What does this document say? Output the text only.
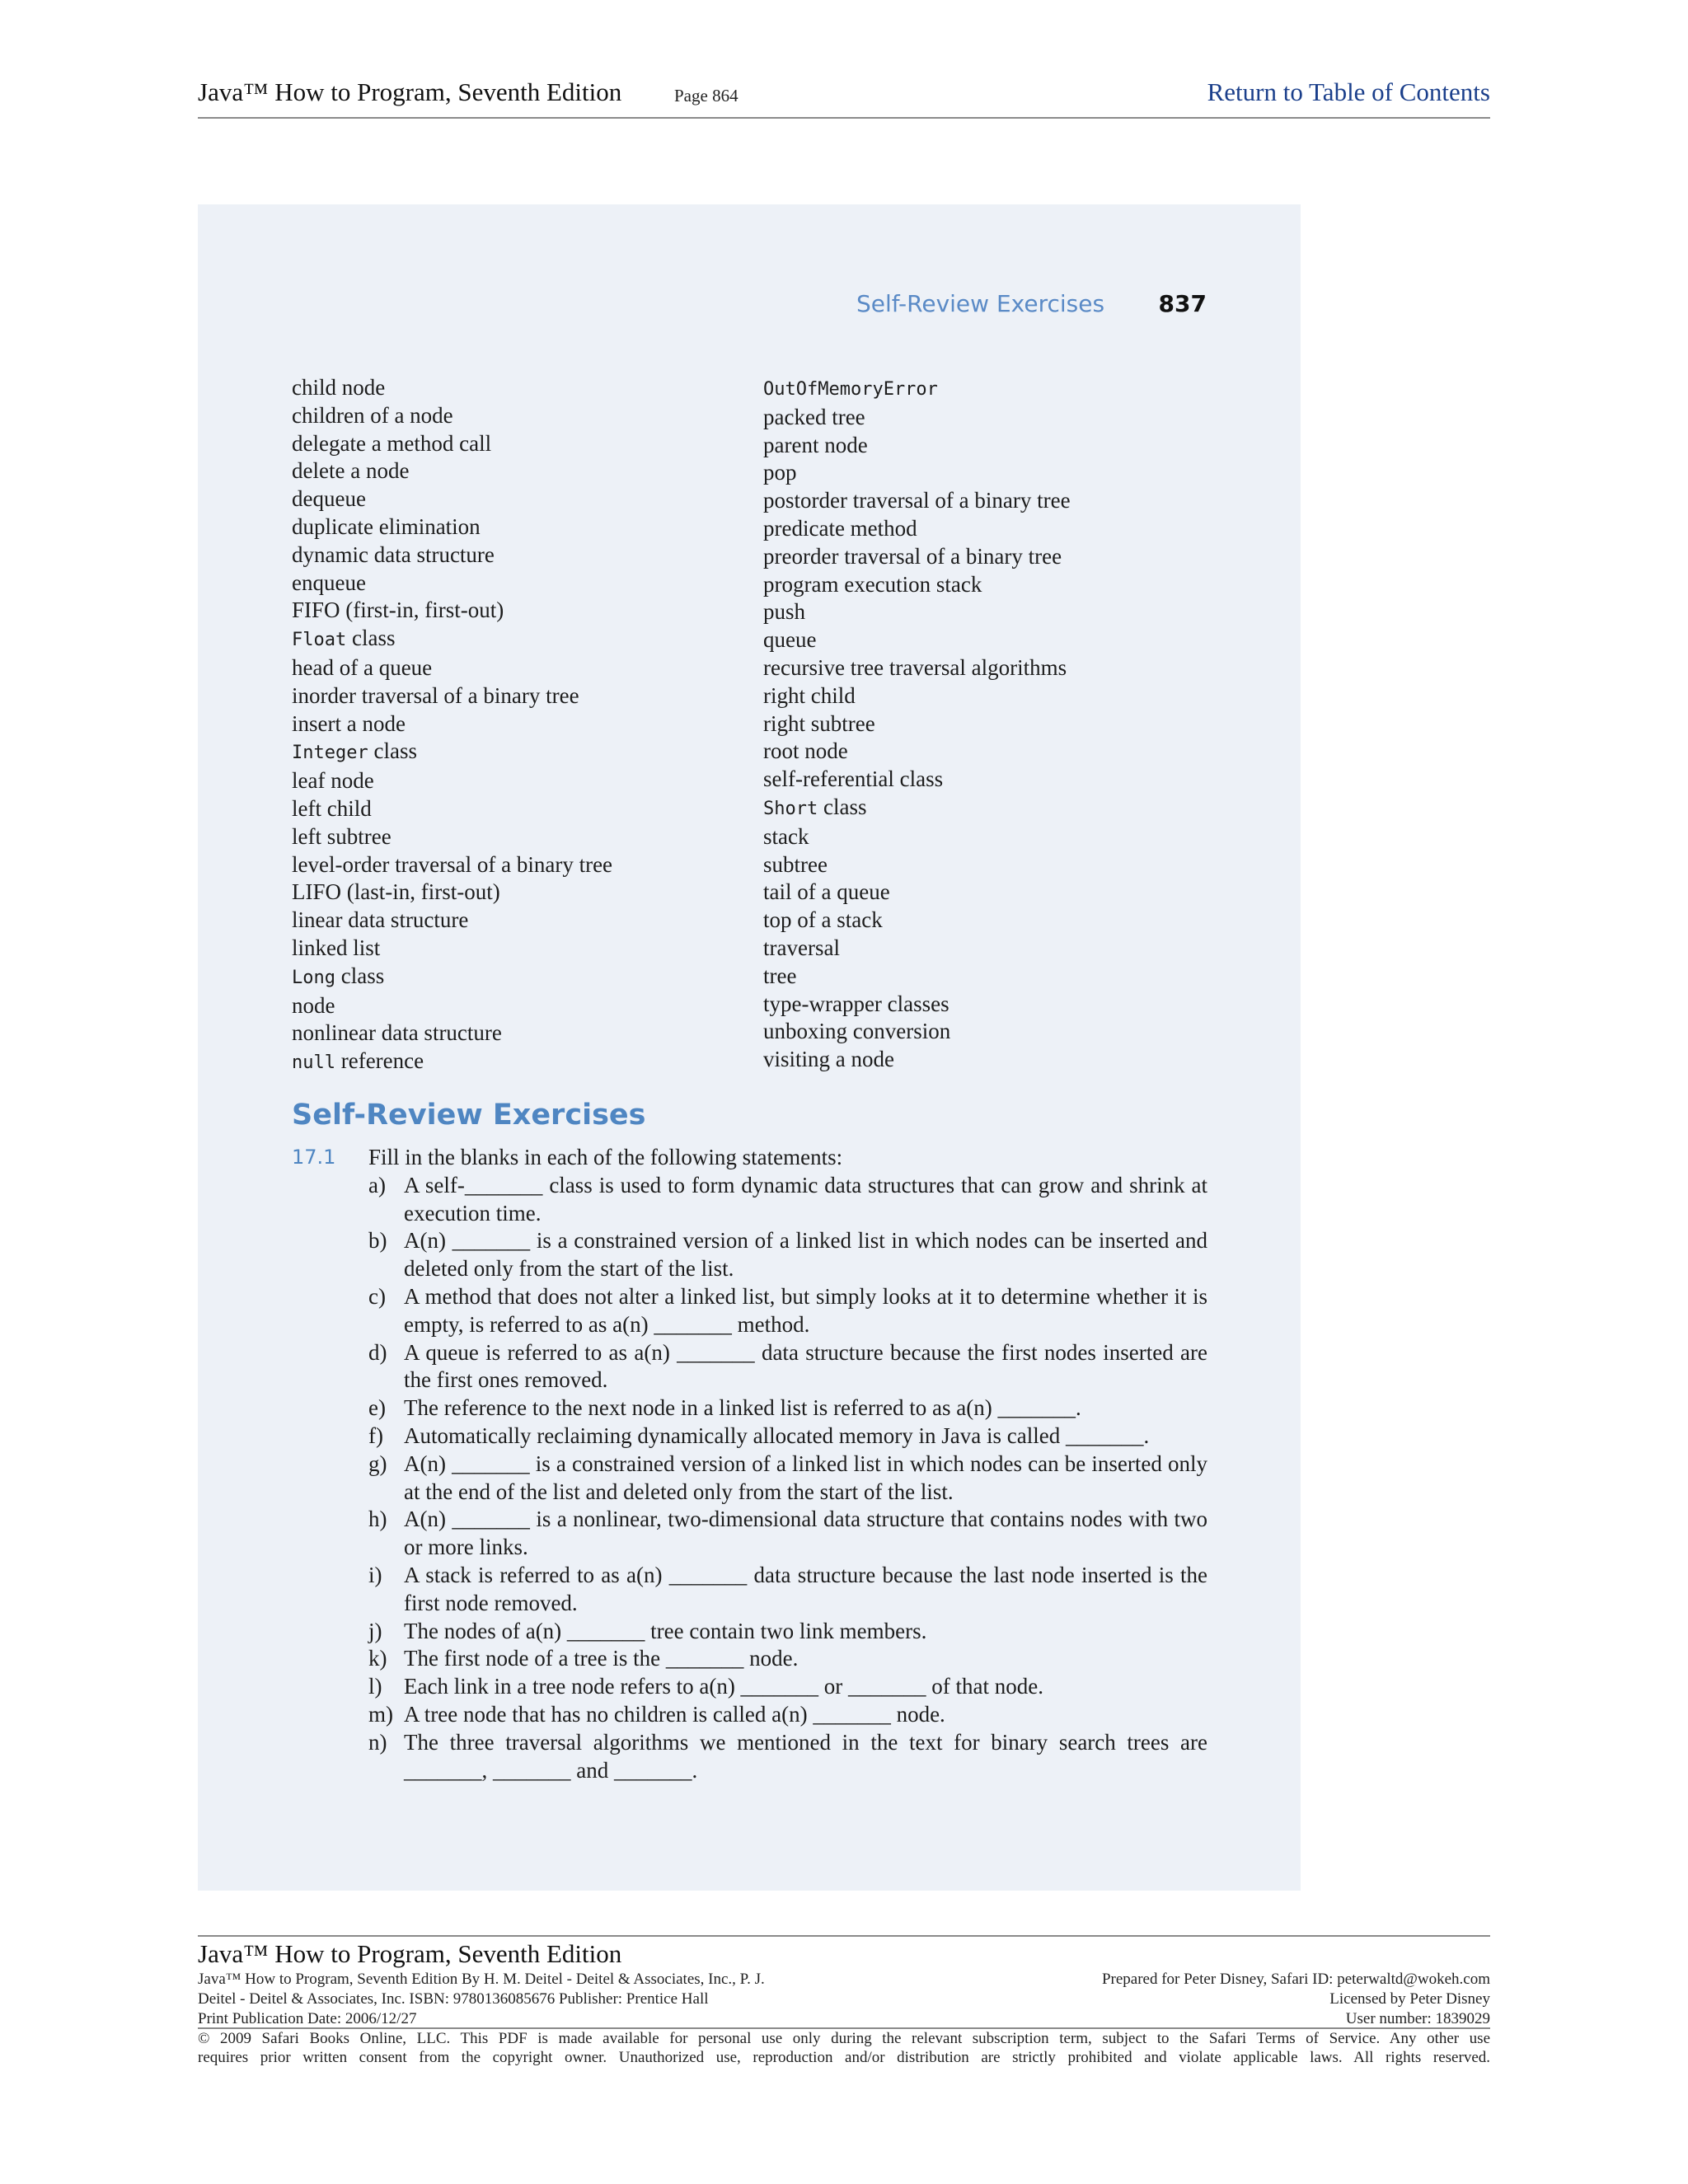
Java™ How to Program, Seventh Edition	Page 864	Return to Table of Contents
Self-Review Exercises 837
child node
children of a node
delegate a method call
delete a node
dequeue
duplicate elimination
dynamic data structure
enqueue
FIFO (first-in, first-out)
Float class
head of a queue
inorder traversal of a binary tree
insert a node
Integer class
leaf node
left child
left subtree
level-order traversal of a binary tree
LIFO (last-in, first-out)
linear data structure
linked list
Long class
node
nonlinear data structure
null reference
OutOfMemoryError
packed tree
parent node
pop
postorder traversal of a binary tree
predicate method
preorder traversal of a binary tree
program execution stack
push
queue
recursive tree traversal algorithms
right child
right subtree
root node
self-referential class
Short class
stack
subtree
tail of a queue
top of a stack
traversal
tree
type-wrapper classes
unboxing conversion
visiting a node
Self-Review Exercises
17.1 Fill in the blanks in each of the following statements:
a) A self-_______ class is used to form dynamic data structures that can grow and shrink at execution time.
b) A(n) _______ is a constrained version of a linked list in which nodes can be inserted and deleted only from the start of the list.
c) A method that does not alter a linked list, but simply looks at it to determine whether it is empty, is referred to as a(n) _______ method.
d) A queue is referred to as a(n) _______ data structure because the first nodes inserted are the first ones removed.
e) The reference to the next node in a linked list is referred to as a(n) _______.
f) Automatically reclaiming dynamically allocated memory in Java is called _______.
g) A(n) _______ is a constrained version of a linked list in which nodes can be inserted only at the end of the list and deleted only from the start of the list.
h) A(n) _______ is a nonlinear, two-dimensional data structure that contains nodes with two or more links.
i) A stack is referred to as a(n) _______ data structure because the last node inserted is the first node removed.
j) The nodes of a(n) _______ tree contain two link members.
k) The first node of a tree is the _______ node.
l) Each link in a tree node refers to a(n) _______ or _______ of that node.
m) A tree node that has no children is called a(n) _______ node.
n) The three traversal algorithms we mentioned in the text for binary search trees are _______, _______ and _______.
Java™ How to Program, Seventh Edition
Java™ How to Program, Seventh Edition By H. M. Deitel - Deitel & Associates, Inc., P. J.	Prepared for Peter Disney, Safari ID: peterwaltd@wokeh.com
Deitel - Deitel & Associates, Inc. ISBN: 9780136085676 Publisher: Prentice Hall	Licensed by Peter Disney
Print Publication Date: 2006/12/27	User number: 1839029
© 2009 Safari Books Online, LLC. This PDF is made available for personal use only during the relevant subscription term, subject to the Safari Terms of Service. Any other use
requires prior written consent from the copyright owner. Unauthorized use, reproduction and/or distribution are strictly prohibited and violate applicable laws. All rights reserved.
